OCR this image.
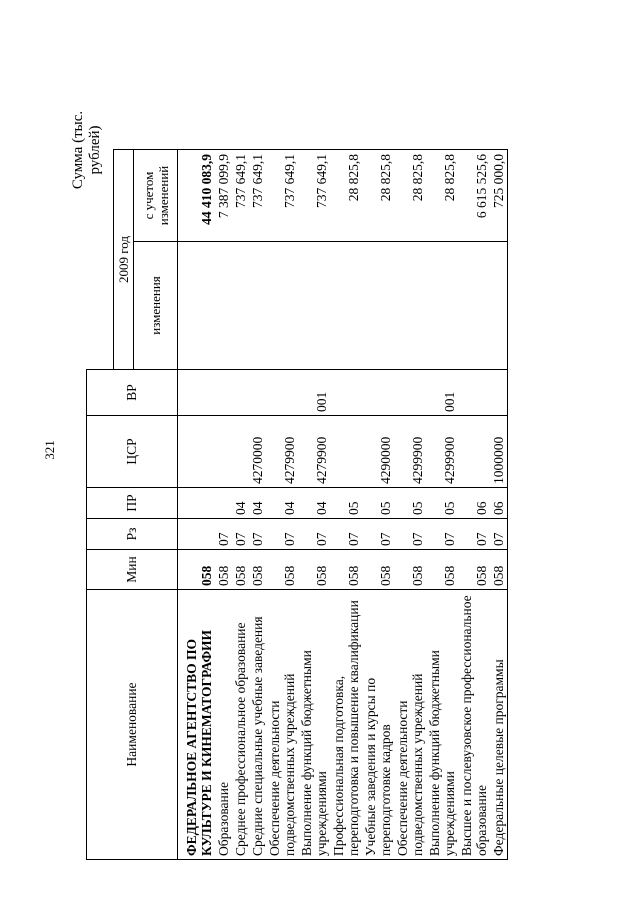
321
Сумма (тыс. рублей)
Наименование	Мин	Рз	ПР	ЦСР	ВР		
						2009 год	
						изменения	с учетом изменений
ФЕДЕРАЛЬНОЕ АГЕНТСТВО ПО КУЛЬТУРЕ И КИНЕМАТОГРАФИИ	058						44 410 083,9
Образование	058	07					7 387 099,9
Среднее профессиональное образование	058	07	04				737 649,1
Средние специальные учебные заведения	058	07	04	4270000			737 649,1
Обеспечение деятельности подведомственных учреждений	058	07	04	4279900			737 649,1
Выполнение функций бюджетными учреждениями	058	07	04	4279900	001		737 649,1
Профессиональная подготовка, переподготовка и повышение квалификации	058	07	05				28 825,8
Учебные заведения и курсы по переподготовке кадров	058	07	05	4290000			28 825,8
Обеспечение деятельности подведомственных учреждений	058	07	05	4299900			28 825,8
Выполнение функций бюджетными учреждениями	058	07	05	4299900	001		28 825,8
Высшее и послевузовское профессиональное образование	058	07	06				6 615 525,6
Федеральные целевые программы	058	07	06	1000000			725 000,0
